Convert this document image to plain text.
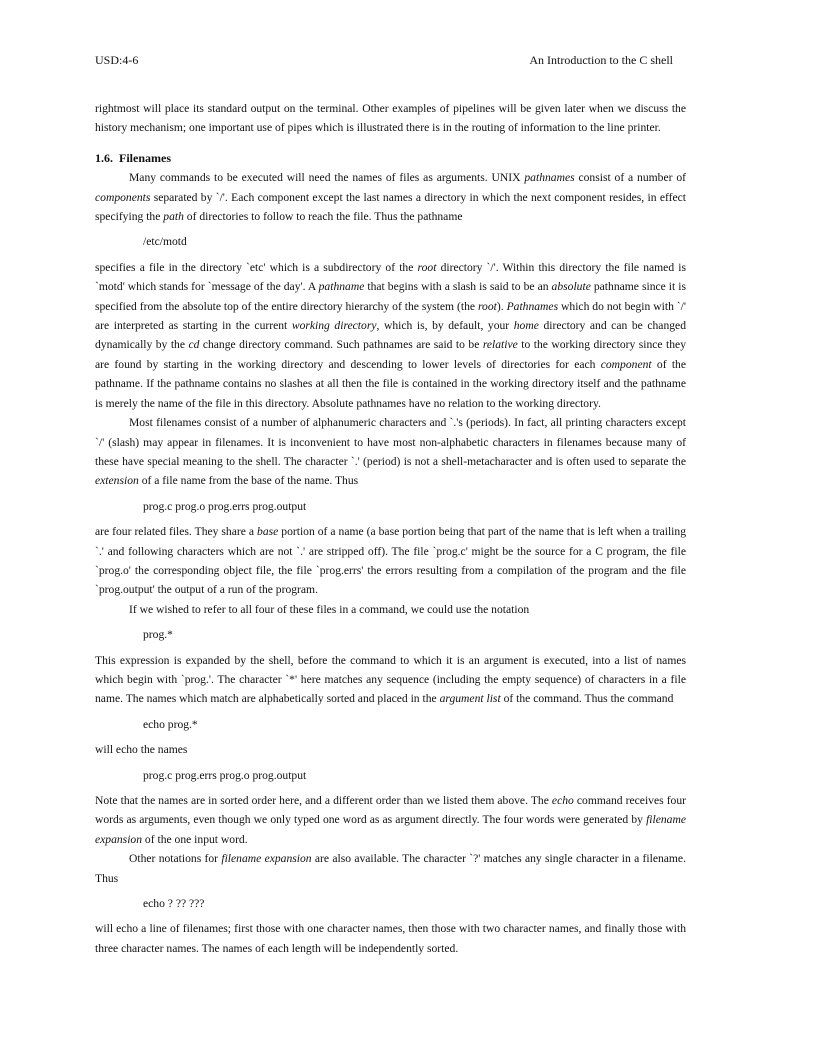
USD:4-6	An Introduction to the C shell

rightmost will place its standard output on the terminal. Other examples of pipelines will be given later when we discuss the history mechanism; one important use of pipes which is illustrated there is in the routing of information to the line printer.

1.6. Filenames

Many commands to be executed will need the names of files as arguments. UNIX pathnames consist of a number of components separated by `/'. Each component except the last names a directory in which the next component resides, in effect specifying the path of directories to follow to reach the file. Thus the pathname

/etc/motd

specifies a file in the directory `etc' which is a subdirectory of the root directory `/'. Within this directory the file named is `motd' which stands for `message of the day'. A pathname that begins with a slash is said to be an absolute pathname since it is specified from the absolute top of the entire directory hierarchy of the system (the root). Pathnames which do not begin with `/' are interpreted as starting in the current working directory, which is, by default, your home directory and can be changed dynamically by the cd change directory command. Such pathnames are said to be relative to the working directory since they are found by starting in the working directory and descending to lower levels of directories for each component of the pathname. If the pathname contains no slashes at all then the file is contained in the working directory itself and the pathname is merely the name of the file in this directory. Absolute pathnames have no relation to the working directory.

Most filenames consist of a number of alphanumeric characters and `.'s (periods). In fact, all printing characters except `/' (slash) may appear in filenames. It is inconvenient to have most non-alphabetic characters in filenames because many of these have special meaning to the shell. The character `.' (period) is not a shell-metacharacter and is often used to separate the extension of a file name from the base of the name. Thus

prog.c prog.o prog.errs prog.output

are four related files. They share a base portion of a name (a base portion being that part of the name that is left when a trailing `.' and following characters which are not `.' are stripped off). The file `prog.c' might be the source for a C program, the file `prog.o' the corresponding object file, the file `prog.errs' the errors resulting from a compilation of the program and the file `prog.output' the output of a run of the program.

If we wished to refer to all four of these files in a command, we could use the notation

prog.*

This expression is expanded by the shell, before the command to which it is an argument is executed, into a list of names which begin with `prog.'. The character `*' here matches any sequence (including the empty sequence) of characters in a file name. The names which match are alphabetically sorted and placed in the argument list of the command. Thus the command

echo prog.*

will echo the names

prog.c prog.errs prog.o prog.output

Note that the names are in sorted order here, and a different order than we listed them above. The echo command receives four words as arguments, even though we only typed one word as as argument directly. The four words were generated by filename expansion of the one input word.

Other notations for filename expansion are also available. The character `?' matches any single character in a filename. Thus

echo ? ?? ???

will echo a line of filenames; first those with one character names, then those with two character names, and finally those with three character names. The names of each length will be independently sorted.
